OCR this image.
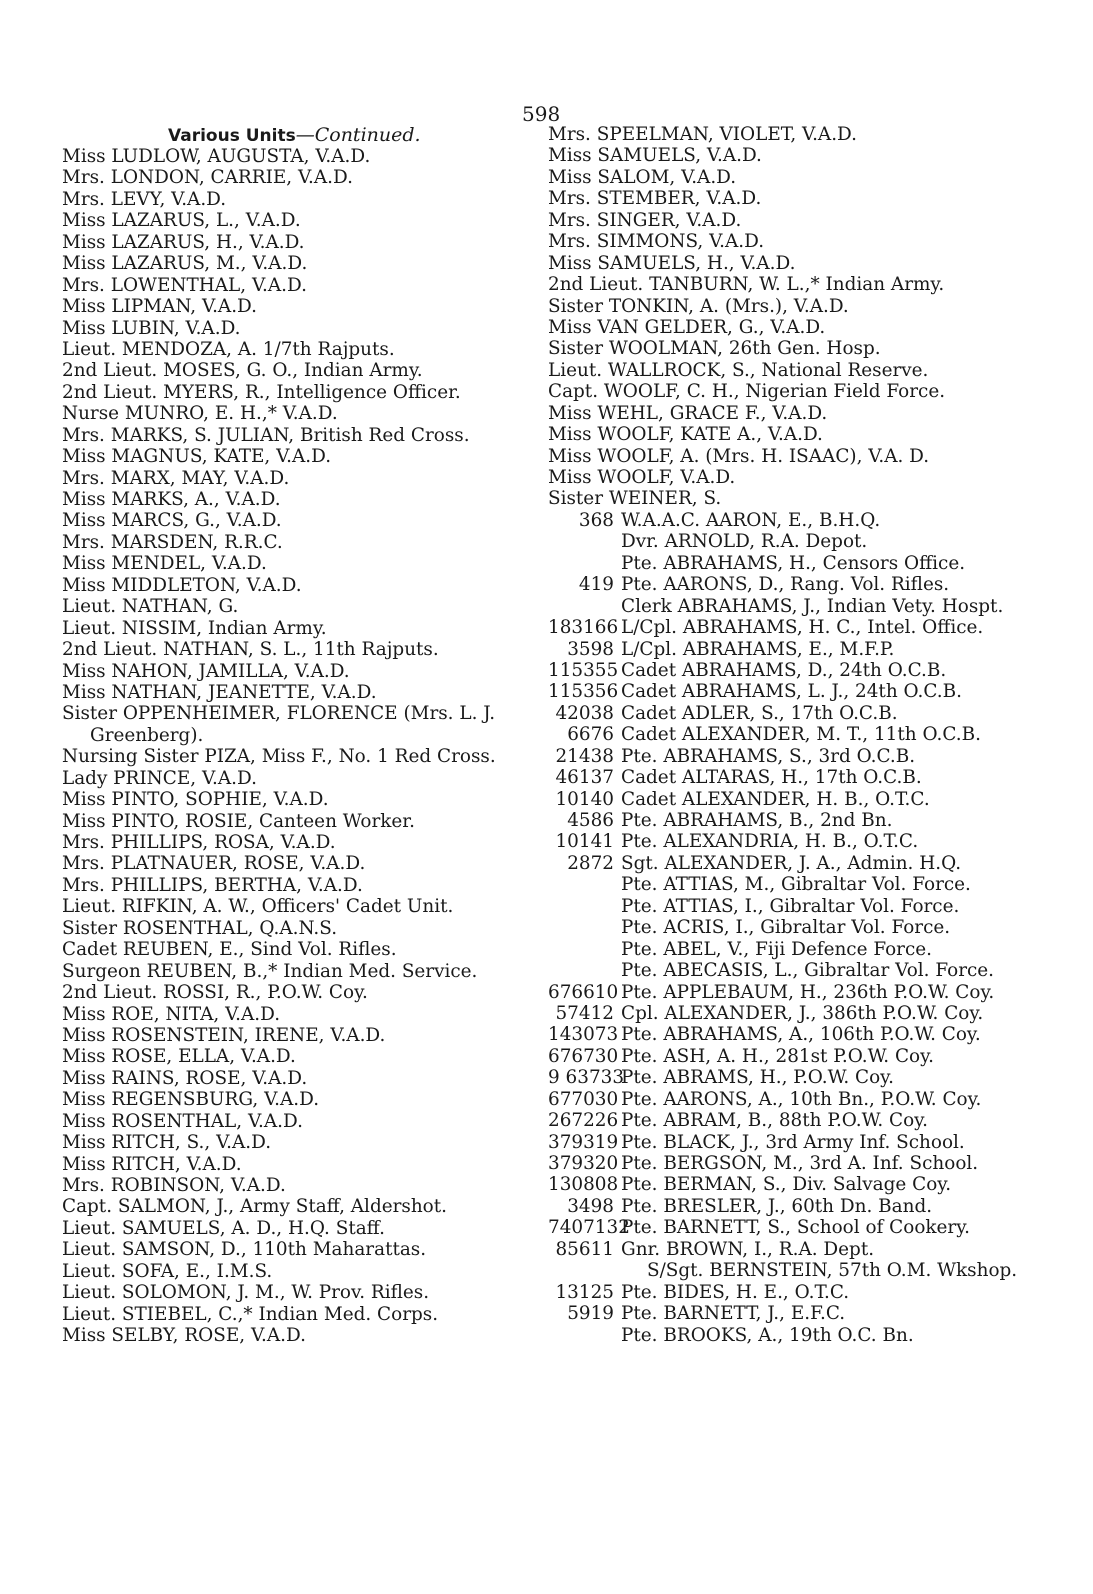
598
Various Units—Continued.
Miss LUDLOW, AUGUSTA, V.A.D.
Mrs. LONDON, CARRIE, V.A.D.
Mrs. LEVY, V.A.D.
Miss LAZARUS, L., V.A.D.
Miss LAZARUS, H., V.A.D.
Miss LAZARUS, M., V.A.D.
Mrs. LOWENTHAL, V.A.D.
Miss LIPMAN, V.A.D.
Miss LUBIN, V.A.D.
Lieut. MENDOZA, A. 1/7th Rajputs.
2nd Lieut. MOSES, G. O., Indian Army.
2nd Lieut. MYERS, R., Intelligence Officer.
Nurse MUNRO, E. H.,* V.A.D.
Mrs. MARKS, S. JULIAN, British Red Cross.
Miss MAGNUS, KATE, V.A.D.
Mrs. MARX, MAY, V.A.D.
Miss MARKS, A., V.A.D.
Miss MARCS, G., V.A.D.
Mrs. MARSDEN, R.R.C.
Miss MENDEL, V.A.D.
Miss MIDDLETON, V.A.D.
Lieut. NATHAN, G.
Lieut. NISSIM, Indian Army.
2nd Lieut. NATHAN, S. L., 11th Rajputs.
Miss NAHON, JAMILLA, V.A.D.
Miss NATHAN, JEANETTE, V.A.D.
Sister OPPENHEIMER, FLORENCE (Mrs. L. J.
Greenberg).
Nursing Sister PIZA, Miss F., No. 1 Red Cross.
Lady PRINCE, V.A.D.
Miss PINTO, SOPHIE, V.A.D.
Miss PINTO, ROSIE, Canteen Worker.
Mrs. PHILLIPS, ROSA, V.A.D.
Mrs. PLATNAUER, ROSE, V.A.D.
Mrs. PHILLIPS, BERTHA, V.A.D.
Lieut. RIFKIN, A. W., Officers' Cadet Unit.
Sister ROSENTHAL, Q.A.N.S.
Cadet REUBEN, E., Sind Vol. Rifles.
Surgeon REUBEN, B.,* Indian Med. Service.
2nd Lieut. ROSSI, R., P.O.W. Coy.
Miss ROE, NITA, V.A.D.
Miss ROSENSTEIN, IRENE, V.A.D.
Miss ROSE, ELLA, V.A.D.
Miss RAINS, ROSE, V.A.D.
Miss REGENSBURG, V.A.D.
Miss ROSENTHAL, V.A.D.
Miss RITCH, S., V.A.D.
Miss RITCH, V.A.D.
Mrs. ROBINSON, V.A.D.
Capt. SALMON, J., Army Staff, Aldershot.
Lieut. SAMUELS, A. D., H.Q. Staff.
Lieut. SAMSON, D., 110th Maharattas.
Lieut. SOFA, E., I.M.S.
Lieut. SOLOMON, J. M., W. Prov. Rifles.
Lieut. STIEBEL, C.,* Indian Med. Corps.
Miss SELBY, ROSE, V.A.D.
Mrs. SPEELMAN, VIOLET, V.A.D.
Miss SAMUELS, V.A.D.
Miss SALOM, V.A.D.
Mrs. STEMBER, V.A.D.
Mrs. SINGER, V.A.D.
Mrs. SIMMONS, V.A.D.
Miss SAMUELS, H., V.A.D.
2nd Lieut. TANBURN, W. L.,* Indian Army.
Sister TONKIN, A. (Mrs.), V.A.D.
Miss VAN GELDER, G., V.A.D.
Sister WOOLMAN, 26th Gen. Hosp.
Lieut. WALLROCK, S., National Reserve.
Capt. WOOLF, C. H., Nigerian Field Force.
Miss WEHL, GRACE F., V.A.D.
Miss WOOLF, KATE A., V.A.D.
Miss WOOLF, A. (Mrs. H. ISAAC), V.A. D.
Miss WOOLF, V.A.D.
Sister WEINER, S.
368 W.A.A.C. AARON, E., B.H.Q.
Dvr. ARNOLD, R.A. Depot.
Pte. ABRAHAMS, H., Censors Office.
419 Pte. AARONS, D., Rang. Vol. Rifles.
Clerk ABRAHAMS, J., Indian Vety. Hospt.
183166 L/Cpl. ABRAHAMS, H. C., Intel. Office.
3598 L/Cpl. ABRAHAMS, E., M.F.P.
115355 Cadet ABRAHAMS, D., 24th O.C.B.
115356 Cadet ABRAHAMS, L. J., 24th O.C.B.
42038 Cadet ADLER, S., 17th O.C.B.
6676 Cadet ALEXANDER, M. T., 11th O.C.B.
21438 Pte. ABRAHAMS, S., 3rd O.C.B.
46137 Cadet ALTARAS, H., 17th O.C.B.
10140 Cadet ALEXANDER, H. B., O.T.C.
4586 Pte. ABRAHAMS, B., 2nd Bn.
10141 Pte. ALEXANDRIA, H. B., O.T.C.
2872 Sgt. ALEXANDER, J. A., Admin. H.Q.
Pte. ATTIAS, M., Gibraltar Vol. Force.
Pte. ATTIAS, I., Gibraltar Vol. Force.
Pte. ACRIS, I., Gibraltar Vol. Force.
Pte. ABEL, V., Fiji Defence Force.
Pte. ABECASIS, L., Gibraltar Vol. Force.
676610 Pte. APPLEBAUM, H., 236th P.O.W. Coy.
57412 Cpl. ALEXANDER, J., 386th P.O.W. Coy.
143073 Pte. ABRAHAMS, A., 106th P.O.W. Coy.
676730 Pte. ASH, A. H., 281st P.O.W. Coy.
9 63733
Pte. ABRAMS, H., P.O.W. Coy.
677030 Pte. AARONS, A., 10th Bn., P.O.W. Coy.
267226 Pte. ABRAM, B., 88th P.O.W. Coy.
379319 Pte. BLACK, J., 3rd Army Inf. School.
379320 Pte. BERGSON, M., 3rd A. Inf. School.
130808 Pte. BERMAN, S., Div. Salvage Coy.
3498 Pte. BRESLER, J., 60th Dn. Band.
7407132
Pte. BARNETT, S., School of Cookery.
85611 Gnr. BROWN, I., R.A. Dept.
S/Sgt. BERNSTEIN, 57th O.M. Wkshop.
13125 Pte. BIDES, H. E., O.T.C.
5919 Pte. BARNETT, J., E.F.C.
Pte. BROOKS, A., 19th O.C. Bn.
